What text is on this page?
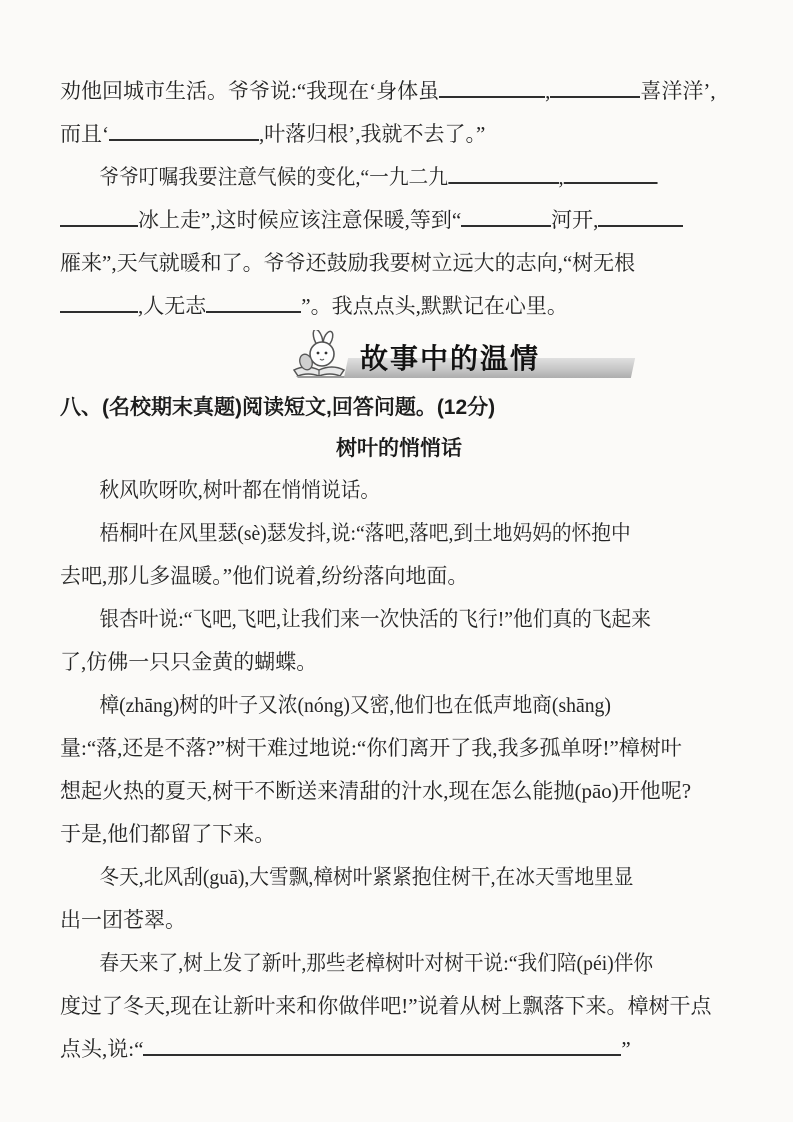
劝他回城市生活。爷爷说:“我现在‘身体虽	,	喜洋洋’,
而且‘	,叶落归根’,我就不去了。”
爷爷叮嘱我要注意气候的变化,“一九二九	,
冰上走”,这时候应该注意保暖,等到“	河开,
雁来”,天气就暖和了。爷爷还鼓励我要树立远大的志向,“树无根
,人无志	”。我点点头,默默记在心里。
故事中的温情
八、(名校期末真题)阅读短文,回答问题。(12分)
树叶的悄悄话
秋风吹呀吹,树叶都在悄悄说话。
梧桐叶在风里瑟(sè)瑟发抖,说:“落吧,落吧,到土地妈妈的怀抱中
去吧,那儿多温暖。”他们说着,纷纷落向地面。
银杏叶说:“飞吧,飞吧,让我们来一次快活的飞行!”他们真的飞起来
了,仿佛一只只金黄的蝴蝶。
樟(zhāng)树的叶子又浓(nóng)又密,他们也在低声地商(shāng)
量:“落,还是不落?”树干难过地说:“你们离开了我,我多孤单呀!”樟树叶
想起火热的夏天,树干不断送来清甜的汁水,现在怎么能抛(pāo)开他呢?
于是,他们都留了下来。
冬天,北风刮(guā),大雪飘,樟树叶紧紧抱住树干,在冰天雪地里显
出一团苍翠。
春天来了,树上发了新叶,那些老樟树叶对树干说:“我们陪(péi)伴你
度过了冬天,现在让新叶来和你做伴吧!”说着从树上飘落下来。樟树干点
点头,说:“	”
